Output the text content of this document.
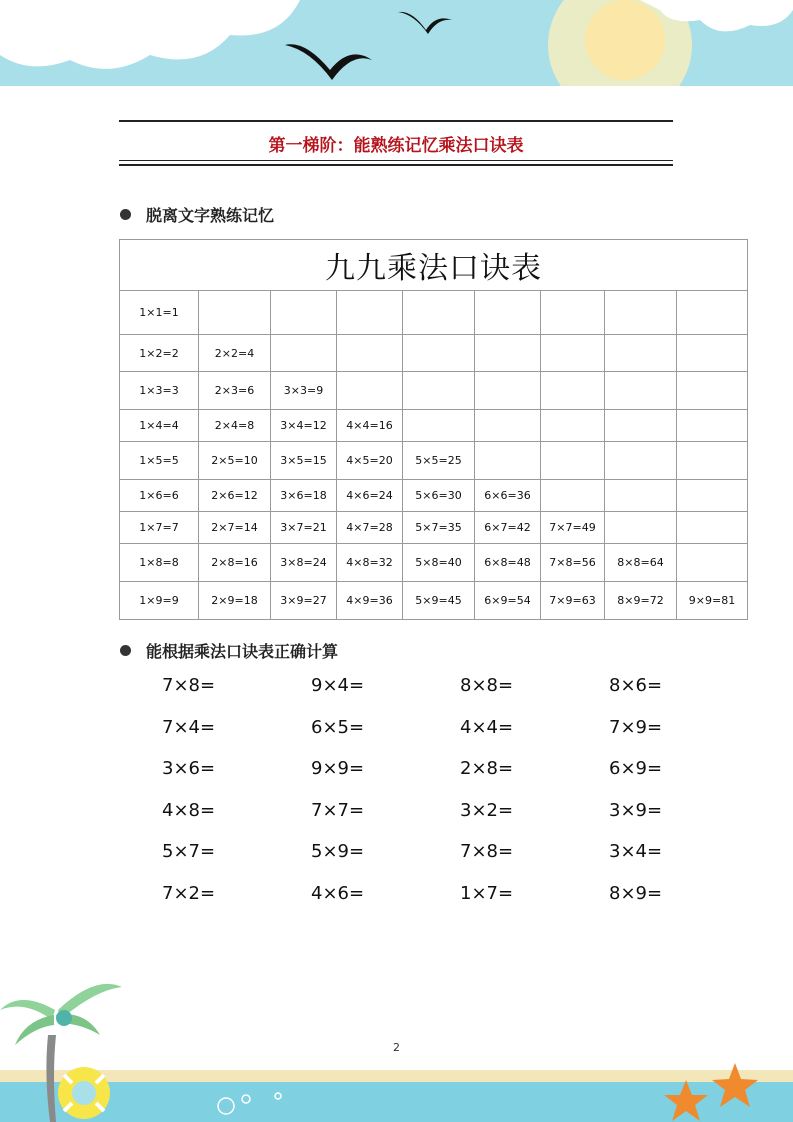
第一梯阶：能熟练记忆乘法口诀表
脱离文字熟练记忆
九九乘法口诀表								
1×1=1								
1×2=2	2×2=4							
1×3=3	2×3=6	3×3=9						
1×4=4	2×4=8	3×4=12	4×4=16					
1×5=5	2×5=10	3×5=15	4×5=20	5×5=25				
1×6=6	2×6=12	3×6=18	4×6=24	5×6=30	6×6=36			
1×7=7	2×7=14	3×7=21	4×7=28	5×7=35	6×7=42	7×7=49		
1×8=8	2×8=16	3×8=24	4×8=32	5×8=40	6×8=48	7×8=56	8×8=64	
1×9=9	2×9=18	3×9=27	4×9=36	5×9=45	6×9=54	7×9=63	8×9=72	9×9=81
能根据乘法口诀表正确计算
7×8=	9×4=	8×8=	8×6=
7×4=	6×5=	4×4=	7×9=
3×6=	9×9=	2×8=	6×9=
4×8=	7×7=	3×2=	3×9=
5×7=	5×9=	7×8=	3×4=
7×2=	4×6=	1×7=	8×9=
2
